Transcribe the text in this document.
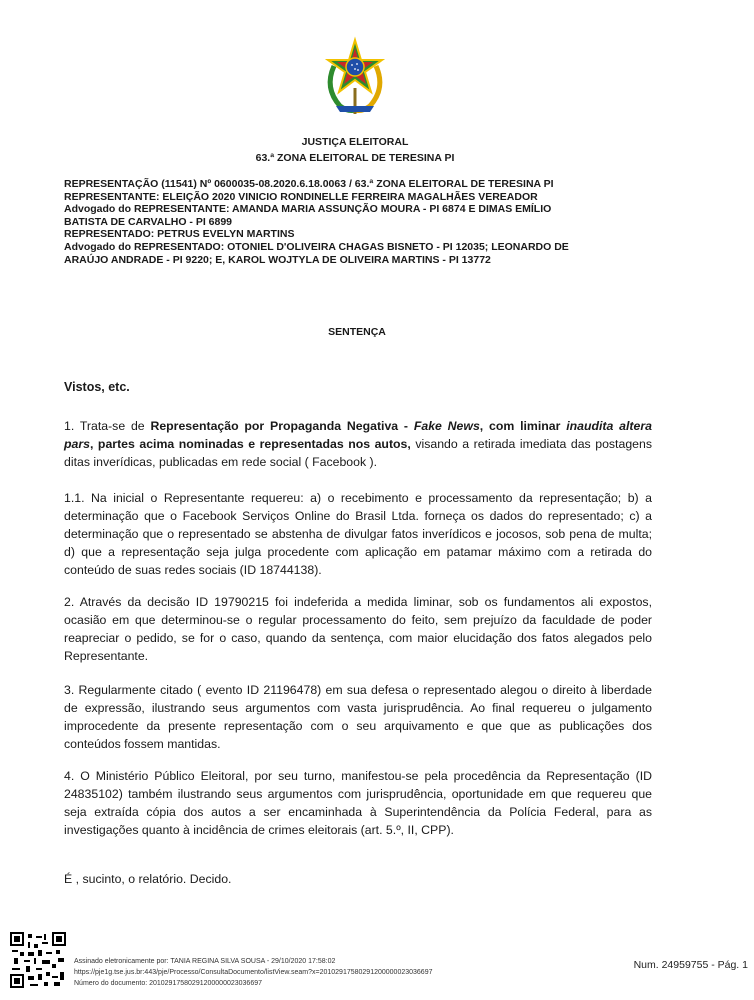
JUSTIÇA ELEITORAL
63.ª ZONA ELEITORAL DE TERESINA PI
REPRESENTAÇÃO (11541) Nº 0600035-08.2020.6.18.0063 / 63.ª ZONA ELEITORAL DE TERESINA PI
REPRESENTANTE: ELEIÇÃO 2020 VINICIO RONDINELLE FERREIRA MAGALHÃES VEREADOR
Advogado do REPRESENTANTE: AMANDA MARIA ASSUNÇÃO MOURA - PI 6874 E DIMAS EMÍLIO
BATISTA DE CARVALHO - PI 6899
REPRESENTADO: PETRUS EVELYN MARTINS
Advogado do REPRESENTADO: OTONIEL D'OLIVEIRA CHAGAS BISNETO - PI 12035; LEONARDO DE
ARAÚJO ANDRADE - PI 9220; E, KAROL WOJTYLA DE OLIVEIRA MARTINS - PI 13772
SENTENÇA
Vistos, etc.
1. Trata-se de Representação por Propaganda Negativa - Fake News, com liminar inaudita altera pars, partes acima nominadas e representadas nos autos, visando a retirada imediata das postagens ditas inverídicas, publicadas em rede social ( Facebook ).
1.1. Na inicial o Representante requereu: a) o recebimento e processamento da representação; b) a determinação que o Facebook Serviços Online do Brasil Ltda. forneça os dados do representado; c) a determinação que o representado se abstenha de divulgar fatos inverídicos e jocosos, sob pena de multa; d) que a representação seja julga procedente com aplicação em patamar máximo com a retirada do conteúdo de suas redes sociais (ID 18744138).
2. Através da decisão ID 19790215 foi indeferida a medida liminar, sob os fundamentos ali expostos, ocasião em que determinou-se o regular processamento do feito, sem prejuízo da faculdade de poder reapreciar o pedido, se for o caso, quando da sentença, com maior elucidação dos fatos alegados pelo Representante.
3. Regularmente citado ( evento ID 21196478) em sua defesa o representado alegou o direito à liberdade de expressão, ilustrando seus argumentos com vasta jurisprudência. Ao final requereu o julgamento improcedente da presente representação com o seu arquivamento e que que as publicações dos conteúdos fossem mantidas.
4. O Ministério Público Eleitoral, por seu turno, manifestou-se pela procedência da Representação (ID 24835102) também ilustrando seus argumentos com jurisprudência, oportunidade em que requereu que seja extraída cópia dos autos a ser encaminhada à Superintendência da Polícia Federal, para as investigações quanto à incidência de crimes eleitorais (art. 5.º, II, CPP).
É , sucinto, o relatório. Decido.
Assinado eletronicamente por: TANIA REGINA SILVA SOUSA - 29/10/2020 17:58:02
https://pje1g.tse.jus.br:443/pje/Processo/ConsultaDocumento/listView.seam?x=20102917580291200000023036697
Número do documento: 20102917580291200000023036697
Num. 24959755 - Pág. 1
